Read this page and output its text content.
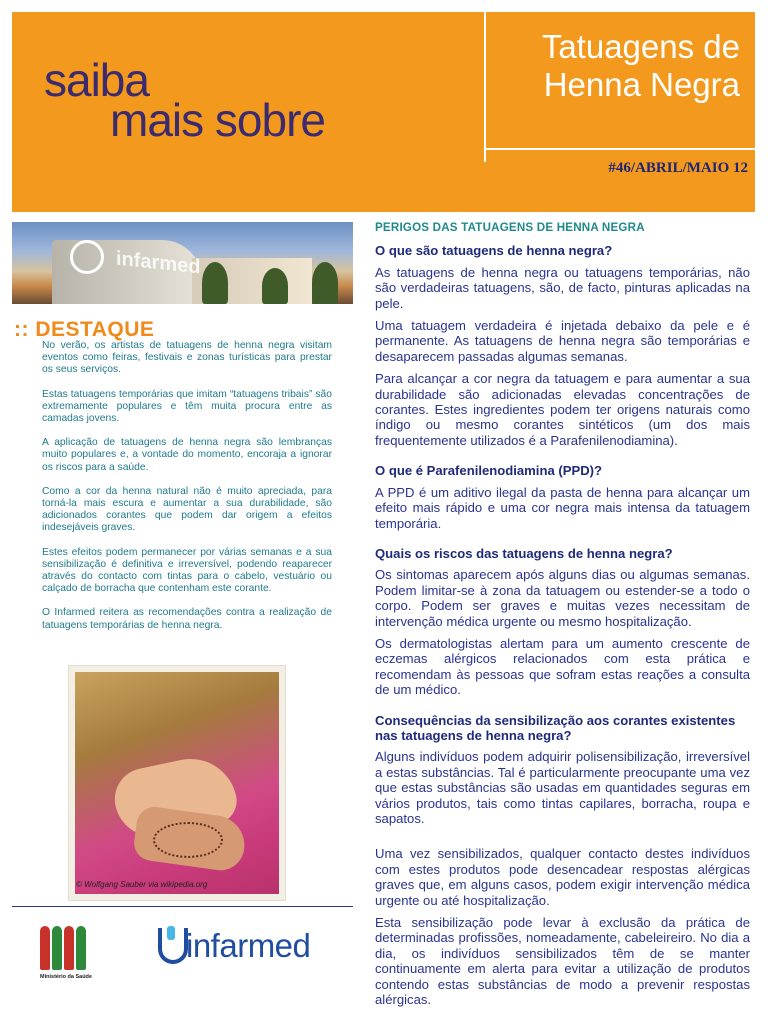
saiba
mais sobre
Tatuagens de
Henna Negra
#46/ABRIL/MAIO 12
infarmed
:: DESTAQUE

No verão, os artistas de tatuagens de henna negra visitam eventos como feiras, festivais e zonas turísticas para prestar os seus serviços.

Estas tatuagens temporárias que imitam “tatuagens tribais” são extremamente populares e têm muita procura entre as camadas jovens.

A aplicação de tatuagens de henna negra são lembranças muito populares e, a vontade do momento, encoraja a ignorar os riscos para a saúde.

Como a cor da henna natural não é muito apreciada, para torná-la mais escura e aumentar a sua durabilidade, são adicionados corantes que podem dar origem a efeitos indesejáveis graves.

Estes efeitos podem permanecer por várias semanas e a sua sensibilização é definitiva e irreversível, podendo reaparecer através do contacto com tintas para o cabelo, vestuário ou calçado de borracha que contenham este corante.

O Infarmed reitera as recomendações contra a realização de tatuagens temporárias de henna negra.

© Wolfgang Sauber via wikipedia.org
Ministério da Saúde
infarmed
PERIGOS DAS TATUAGENS DE HENNA NEGRA
O que são tatuagens de henna negra?

As tatuagens de henna negra ou tatuagens temporárias, não são verdadeiras tatuagens, são, de facto, pinturas aplicadas na pele.

Uma tatuagem verdadeira é injetada debaixo da pele e é permanente. As tatuagens de henna negra são temporárias e desaparecem passadas algumas semanas.

Para alcançar a cor negra da tatuagem e para aumentar a sua durabilidade são adicionadas elevadas concentrações de corantes. Estes ingredientes podem ter origens naturais como índigo ou mesmo corantes sintéticos (um dos mais frequentemente utilizados é a Parafenilenodiamina).

O que é Parafenilenodiamina (PPD)?

A PPD é um aditivo ilegal da pasta de henna para alcançar um efeito mais rápido e uma cor negra mais intensa da tatuagem temporária.

Quais os riscos das tatuagens de henna negra?

Os sintomas aparecem após alguns dias ou algumas semanas. Podem limitar-se à zona da tatuagem ou estender-se a todo o corpo. Podem ser graves e muitas vezes necessitam de intervenção médica urgente ou mesmo hospitalização.

Os dermatologistas alertam para um aumento crescente de eczemas alérgicos relacionados com esta prática e recomendam às pessoas que sofram estas reações a consulta de um médico.

Consequências da sensibilização aos corantes existentes nas tatuagens de henna negra?

Alguns indivíduos podem adquirir polisensibilização, irreversível a estas substâncias. Tal é particularmente preocupante uma vez que estas substâncias são usadas em quantidades seguras em vários produtos, tais como tintas capilares, borracha, roupa e sapatos.

Uma vez sensibilizados, qualquer contacto destes indivíduos com estes produtos pode desencadear respostas alérgicas graves que, em alguns casos, podem exigir intervenção médica urgente ou até hospitalização.

Esta sensibilização pode levar à exclusão da prática de determinadas profissões, nomeadamente, cabeleireiro. No dia a dia, os indivíduos sensibilizados têm de se manter continuamente em alerta para evitar a utilização de produtos contendo estas substâncias de modo a prevenir respostas alérgicas.
